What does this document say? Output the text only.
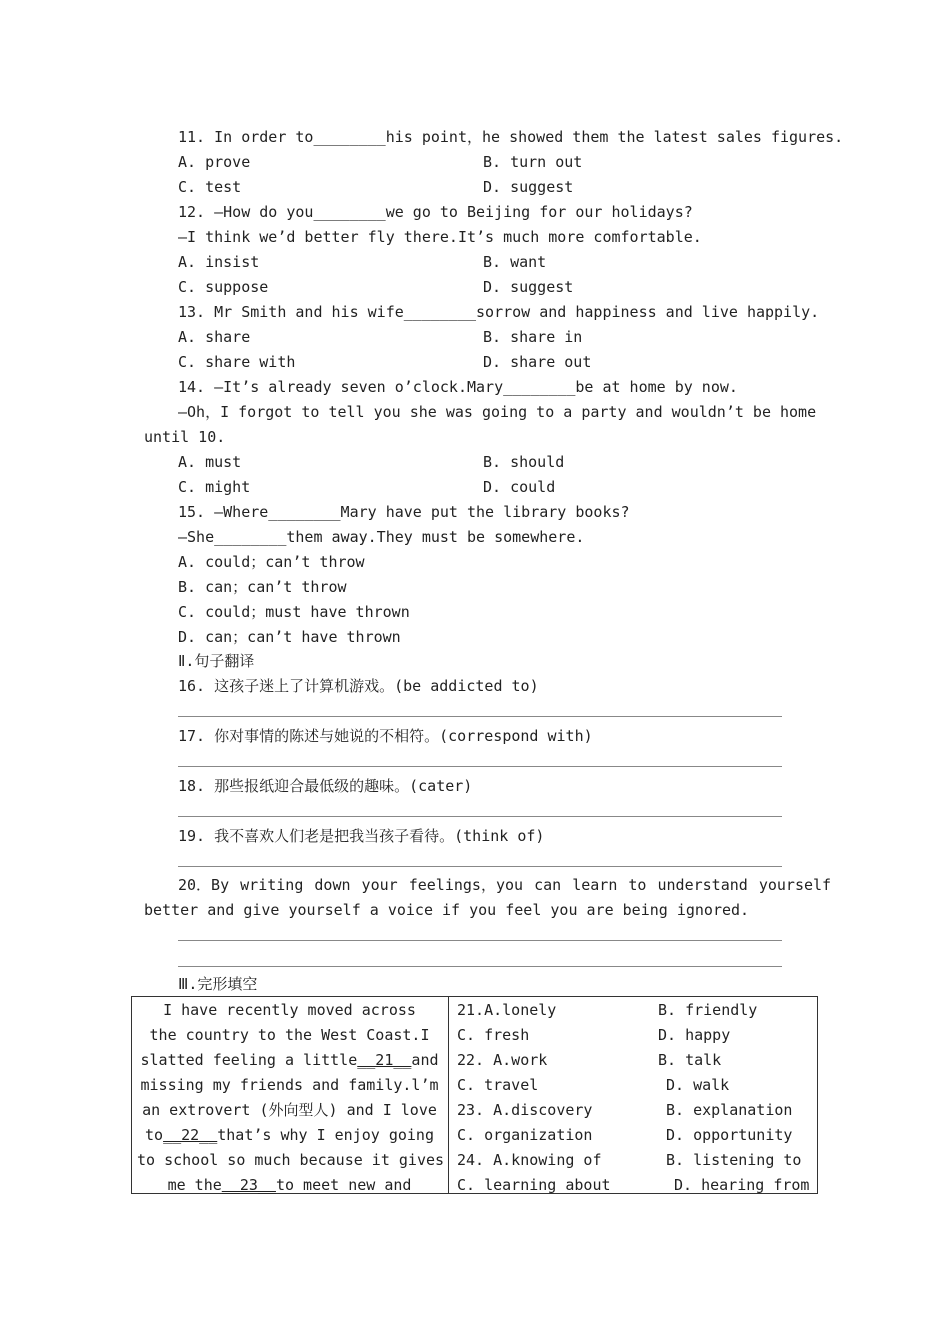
11. In order to________his point，he showed them the latest sales figures.
A. prove	B. turn out
C. test	D. suggest
12. —How do you________we go to Beijing for our holidays?
—I think we’d better fly there.It’s much more comfortable.
A. insist	B. want
C. suppose	D. suggest
13. Mr Smith and his wife________sorrow and happiness and live happily.
A. share	B. share in
C. share with	D. share out
14. —It’s already seven o’clock.Mary________be at home by now.
—Oh，I forgot to tell you she was going to a party and wouldn’t be home
until 10.
A. must	B. should
C. might	D. could
15. —Where________Mary have put the library books?
—She________them away.They must be somewhere.
A. could；can’t throw
B. can；can’t throw
C. could；must have thrown
D. can；can’t have thrown
Ⅱ.句子翻译
16. 这孩子迷上了计算机游戏。(be addicted to)
17. 你对事情的陈述与她说的不相符。(correspond with)
18. 那些报纸迎合最低级的趣味。(cater)
19. 我不喜欢人们老是把我当孩子看待。(think of)
20．By writing down your feelings，you can learn to understand yourself
better and give yourself a voice if you feel you are being ignored.
Ⅲ.完形填空
I have recently moved across
the country to the West Coast.I
slatted feeling a little__21__and
missing my friends and family.l’m
an extrovert (外向型人) and I love
to__22__that’s why I enjoy going
to school so much because it gives
me the__23__to meet new and
21.A.lonely	B. friendly
C. fresh	D. happy
22. A.work	B. talk
C. travel	D. walk
23. A.discovery	B. explanation
C. organization	D. opportunity
24. A.knowing of	B. listening to
C. learning about	D. hearing from
